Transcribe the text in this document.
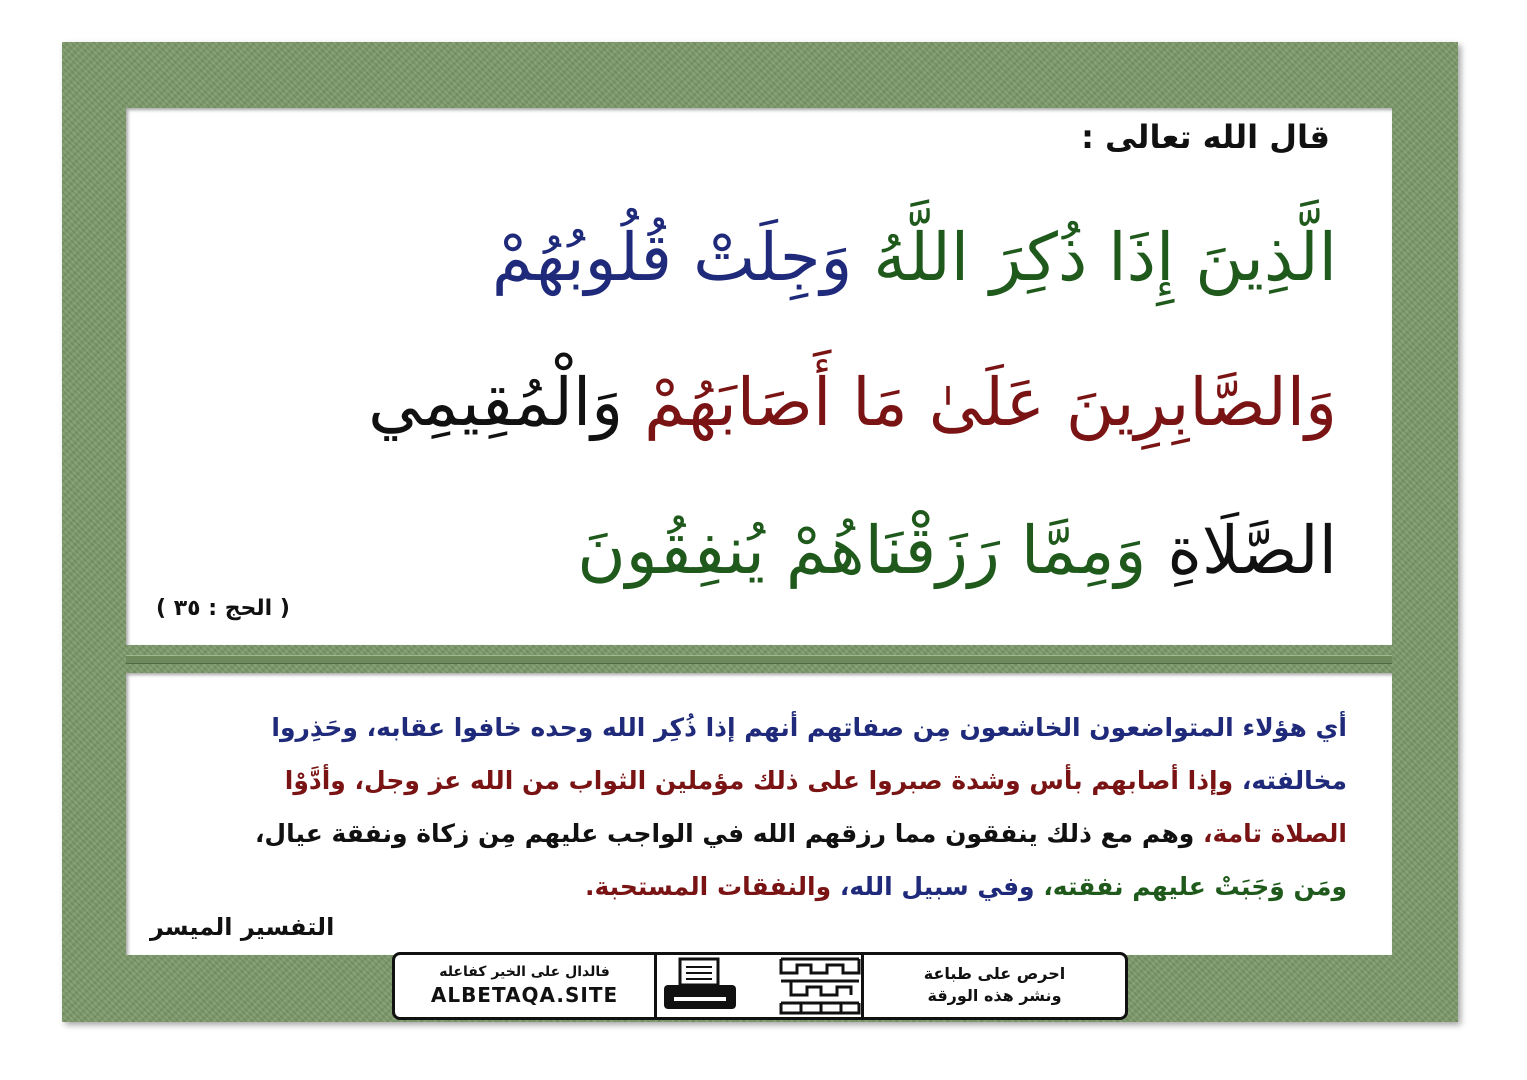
قال الله تعالى :
الَّذِينَ إِذَا ذُكِرَ اللَّهُ وَجِلَتْ قُلُوبُهُمْ
وَالصَّابِرِينَ عَلَىٰ مَا أَصَابَهُمْ وَالْمُقِيمِي
الصَّلَاةِ وَمِمَّا رَزَقْنَاهُمْ يُنفِقُونَ
( الحج : ٣٥ )
أي هؤلاء المتواضعون الخاشعون مِن صفاتهم أنهم إذا ذُكِر الله وحده خافوا عقابه، وحَذِروا
مخالفته، وإذا أصابهم بأس وشدة صبروا على ذلك مؤملين الثواب من الله عز وجل، وأدَّوْا
الصلاة تامة، وهم مع ذلك ينفقون مما رزقهم الله في الواجب عليهم مِن زكاة ونفقة عيال،
ومَن وَجَبَتْ عليهم نفقته، وفي سبيل الله، والنفقات المستحبة.
التفسير الميسر
احرص على طباعة
ونشر هذه الورقة
فالدال على الخير كفاعله
ALBETAQA.SITE
